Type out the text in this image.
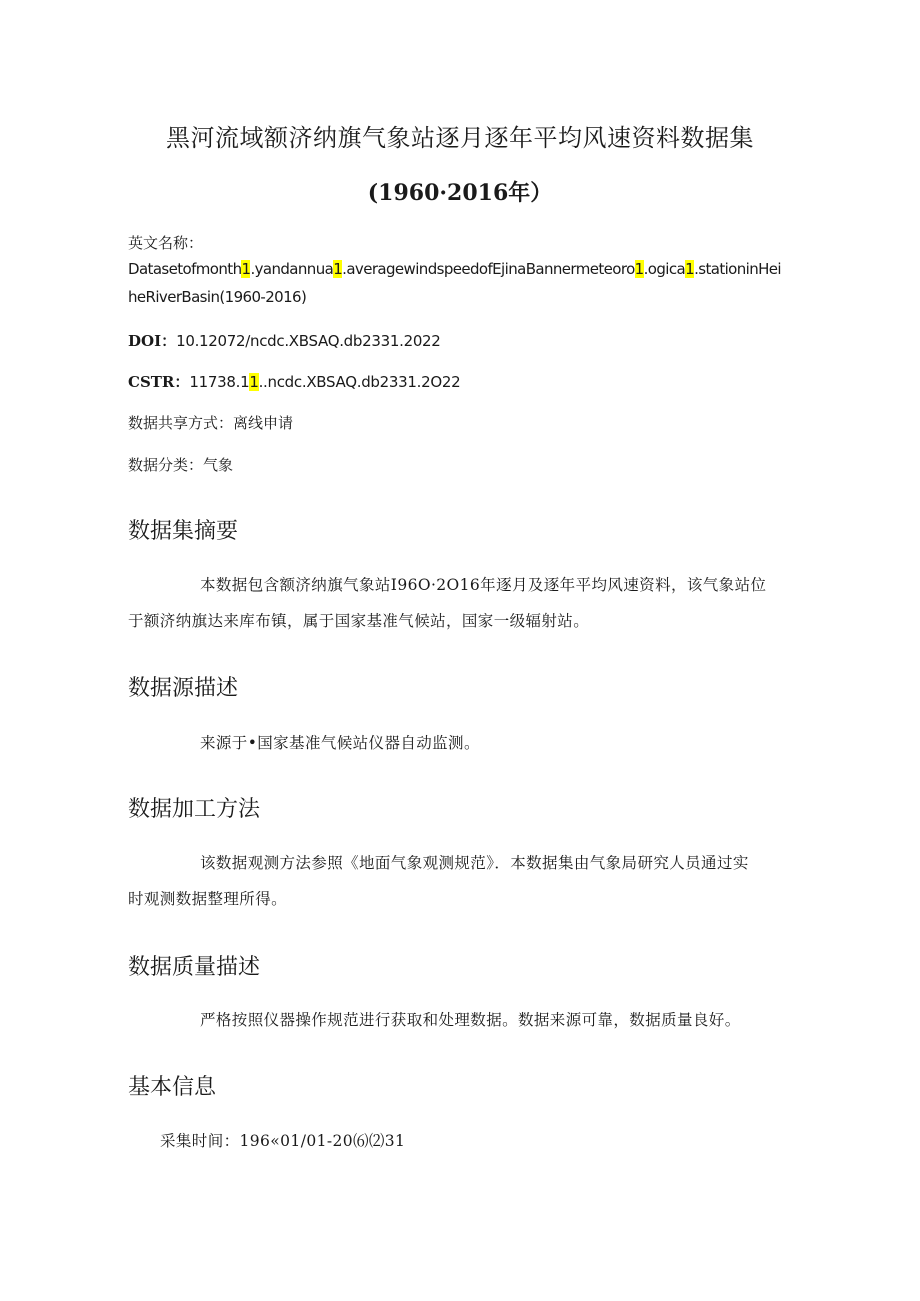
黑河流域额济纳旗气象站逐月逐年平均风速资料数据集
(1960·2016年）
英文名称：
Datasetofmonth1.yandannua1.averagewindspeedofEjinaBannermeteoro1.ogica1.stationinHei
heRiverBasin(1960-2016)
DOI：10.12072∕ncdc.XBSAQ.db2331.2022
CSTR：11738.11..ncdc.XBSAQ.db2331.2O22
数据共享方式：离线申请
数据分类：气象
数据集摘要
本数据包含额济纳旗气象站I96O·2O16年逐月及逐年平均风速资料，该气象站位
于额济纳旗达来库布镇，属于国家基准气候站，国家一级辐射站。
数据源描述
来源于•国家基准气候站仪器自动监测。
数据加工方法
该数据观测方法参照《地面气象观测规范》．本数据集由气象局研究人员通过实
时观测数据整理所得。
数据质量描述
严格按照仪器操作规范进行获取和处理数据。数据来源可靠，数据质量良好。
基本信息
采集时间：196«01/01-20⑹⑵31
